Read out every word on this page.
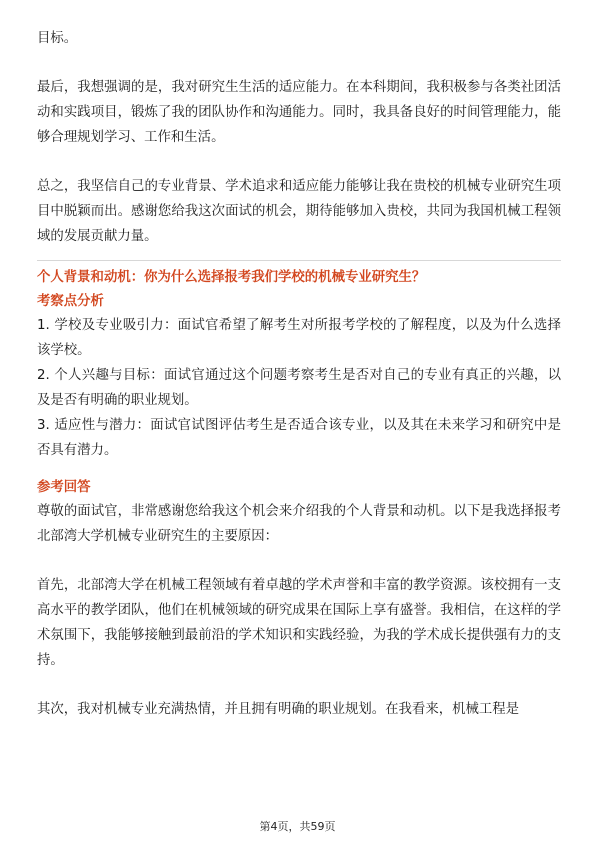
目标。

最后，我想强调的是，我对研究生生活的适应能力。在本科期间，我积极参与各类社团活动和实践项目，锻炼了我的团队协作和沟通能力。同时，我具备良好的时间管理能力，能够合理规划学习、工作和生活。

总之，我坚信自己的专业背景、学术追求和适应能力能够让我在贵校的机械专业研究生项目中脱颖而出。感谢您给我这次面试的机会，期待能够加入贵校，共同为我国机械工程领域的发展贡献力量。

个人背景和动机：你为什么选择报考我们学校的机械专业研究生？

考察点分析

1. 学校及专业吸引力：面试官希望了解考生对所报考学校的了解程度，以及为什么选择该学校。

2. 个人兴趣与目标：面试官通过这个问题考察考生是否对自己的专业有真正的兴趣，以及是否有明确的职业规划。

3. 适应性与潜力：面试官试图评估考生是否适合该专业，以及其在未来学习和研究中是否具有潜力。

参考回答

尊敬的面试官，非常感谢您给我这个机会来介绍我的个人背景和动机。以下是我选择报考北部湾大学机械专业研究生的主要原因：

首先，北部湾大学在机械工程领域有着卓越的学术声誉和丰富的教学资源。该校拥有一支高水平的教学团队，他们在机械领域的研究成果在国际上享有盛誉。我相信，在这样的学术氛围下，我能够接触到最前沿的学术知识和实践经验，为我的学术成长提供强有力的支持。

其次，我对机械专业充满热情，并且拥有明确的职业规划。在我看来，机械工程是

第4页，共59页
